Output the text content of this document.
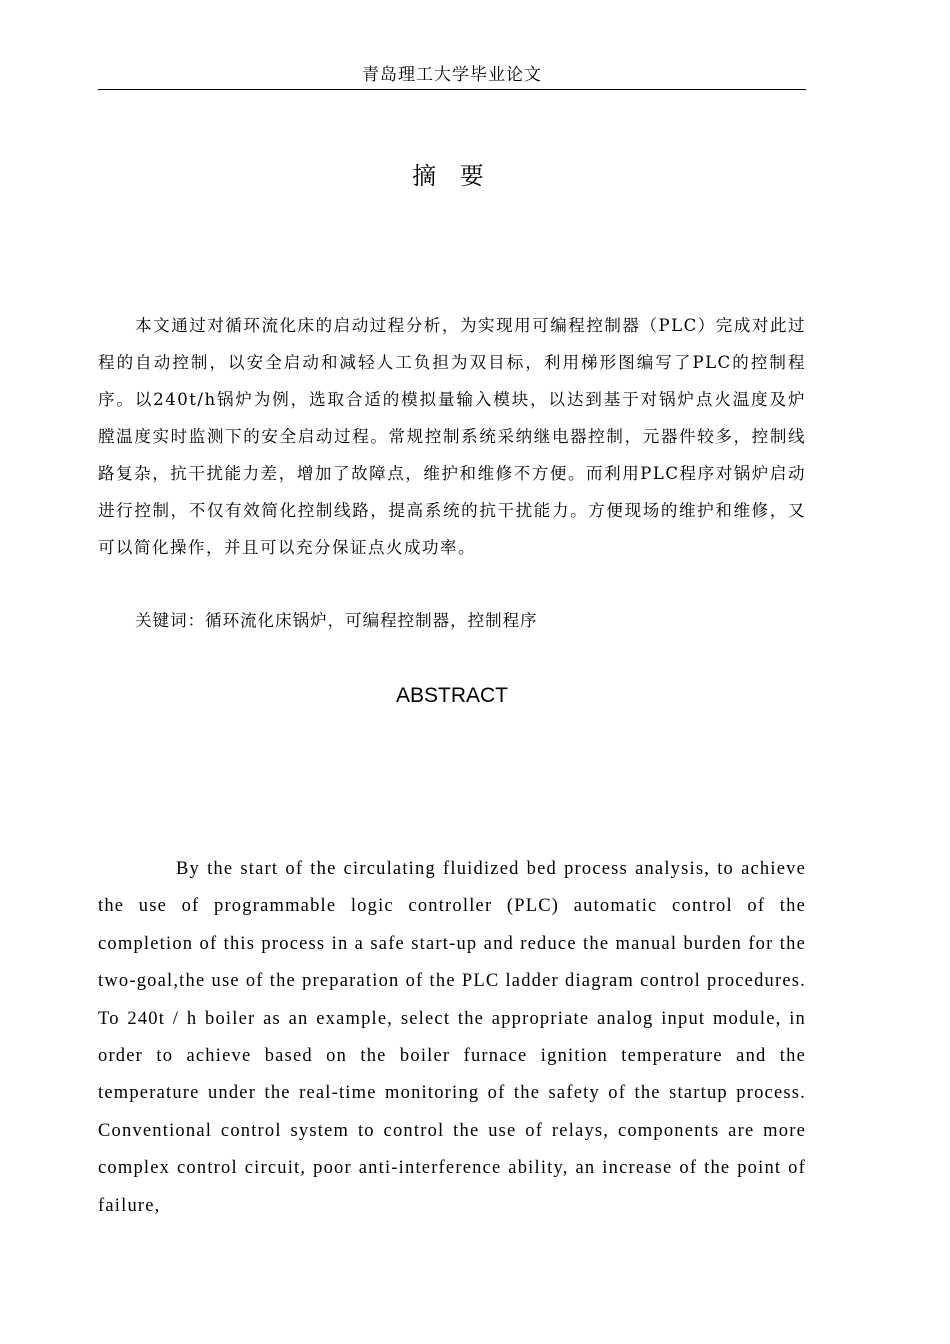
青岛理工大学毕业论文
摘 要

本文通过对循环流化床的启动过程分析，为实现用可编程控制器（PLC）完成对此过程的自动控制，以安全启动和减轻人工负担为双目标，利用梯形图编写了PLC的控制程序。以240t/h锅炉为例，选取合适的模拟量输入模块，以达到基于对锅炉点火温度及炉膛温度实时监测下的安全启动过程。常规控制系统采纳继电器控制，元器件较多，控制线路复杂，抗干扰能力差，增加了故障点，维护和维修不方便。而利用PLC程序对锅炉启动进行控制，不仅有效简化控制线路，提高系统的抗干扰能力。方便现场的维护和维修，又可以简化操作，并且可以充分保证点火成功率。

关键词：循环流化床锅炉，可编程控制器，控制程序

ABSTRACT

By the start of the circulating fluidized bed process analysis, to achieve the use of programmable logic controller (PLC) automatic control of the completion of this process in a safe start-up and reduce the manual burden for the two-goal,the use of the preparation of the PLC ladder diagram control procedures. To 240t / h boiler as an example, select the appropriate analog input module, in order to achieve based on the boiler furnace ignition temperature and the temperature under the real-time monitoring of the safety of the startup process. Conventional control system to control the use of relays, components are more complex control circuit, poor anti-interference ability, an increase of the point of failure,
